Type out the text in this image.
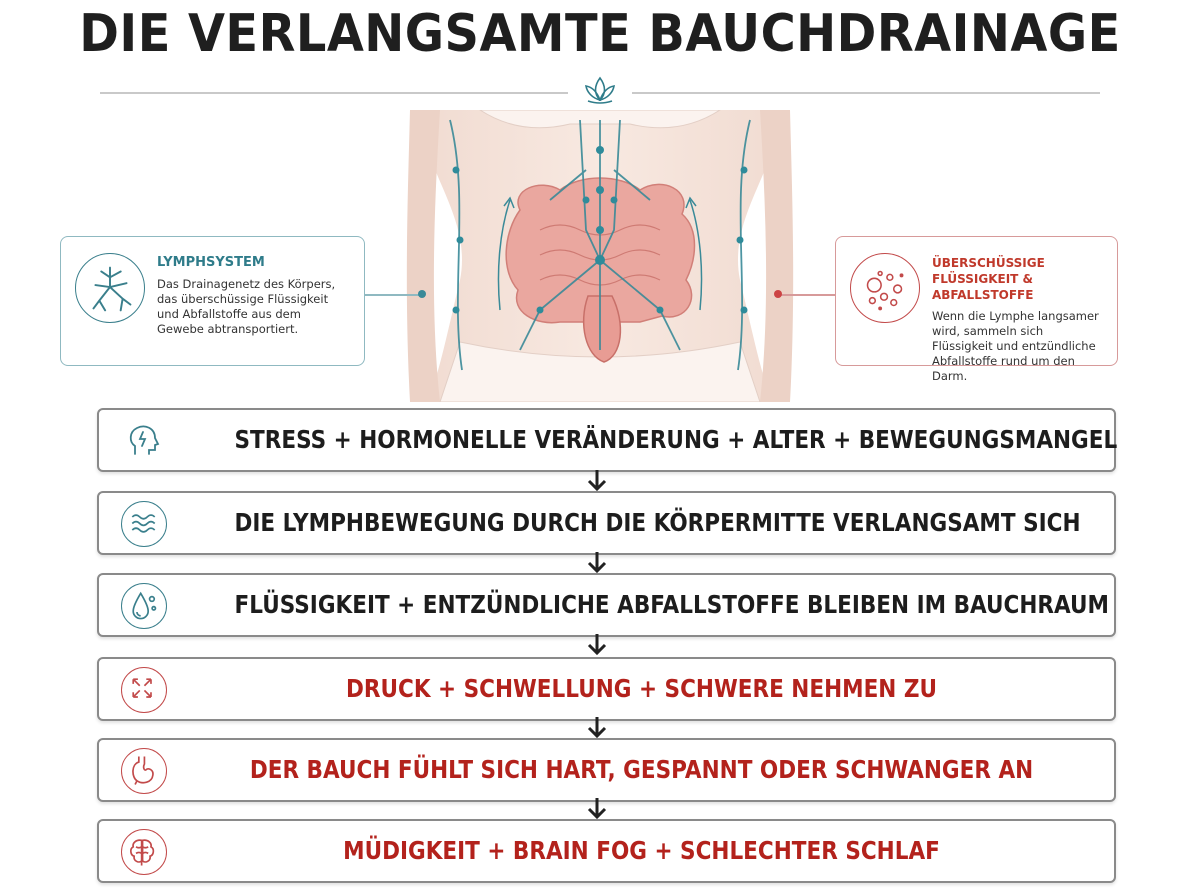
DIE VERLANGSAMTE BAUCHDRAINAGE
LYMPHSYSTEM

Das Drainagenetz des Körpers, das überschüssige Flüssigkeit und Abfallstoffe aus dem Gewebe abtransportiert.

ÜBERSCHÜSSIGE FLÜSSIGKEIT & ABFALLSTOFFE

Wenn die Lymphe langsamer wird, sammeln sich Flüssigkeit und entzündliche Abfallstoffe rund um den Darm.

STRESS + HORMONELLE VERÄNDERUNG + ALTER + BEWEGUNGSMANGEL
DIE LYMPHBEWEGUNG DURCH DIE KÖRPERMITTE VERLANGSAMT SICH
FLÜSSIGKEIT + ENTZÜNDLICHE ABFALLSTOFFE BLEIBEN IM BAUCHRAUM
DRUCK + SCHWELLUNG + SCHWERE NEHMEN ZU
DER BAUCH FÜHLT SICH HART, GESPANNT ODER SCHWANGER AN
MÜDIGKEIT + BRAIN FOG + SCHLECHTER SCHLAF
